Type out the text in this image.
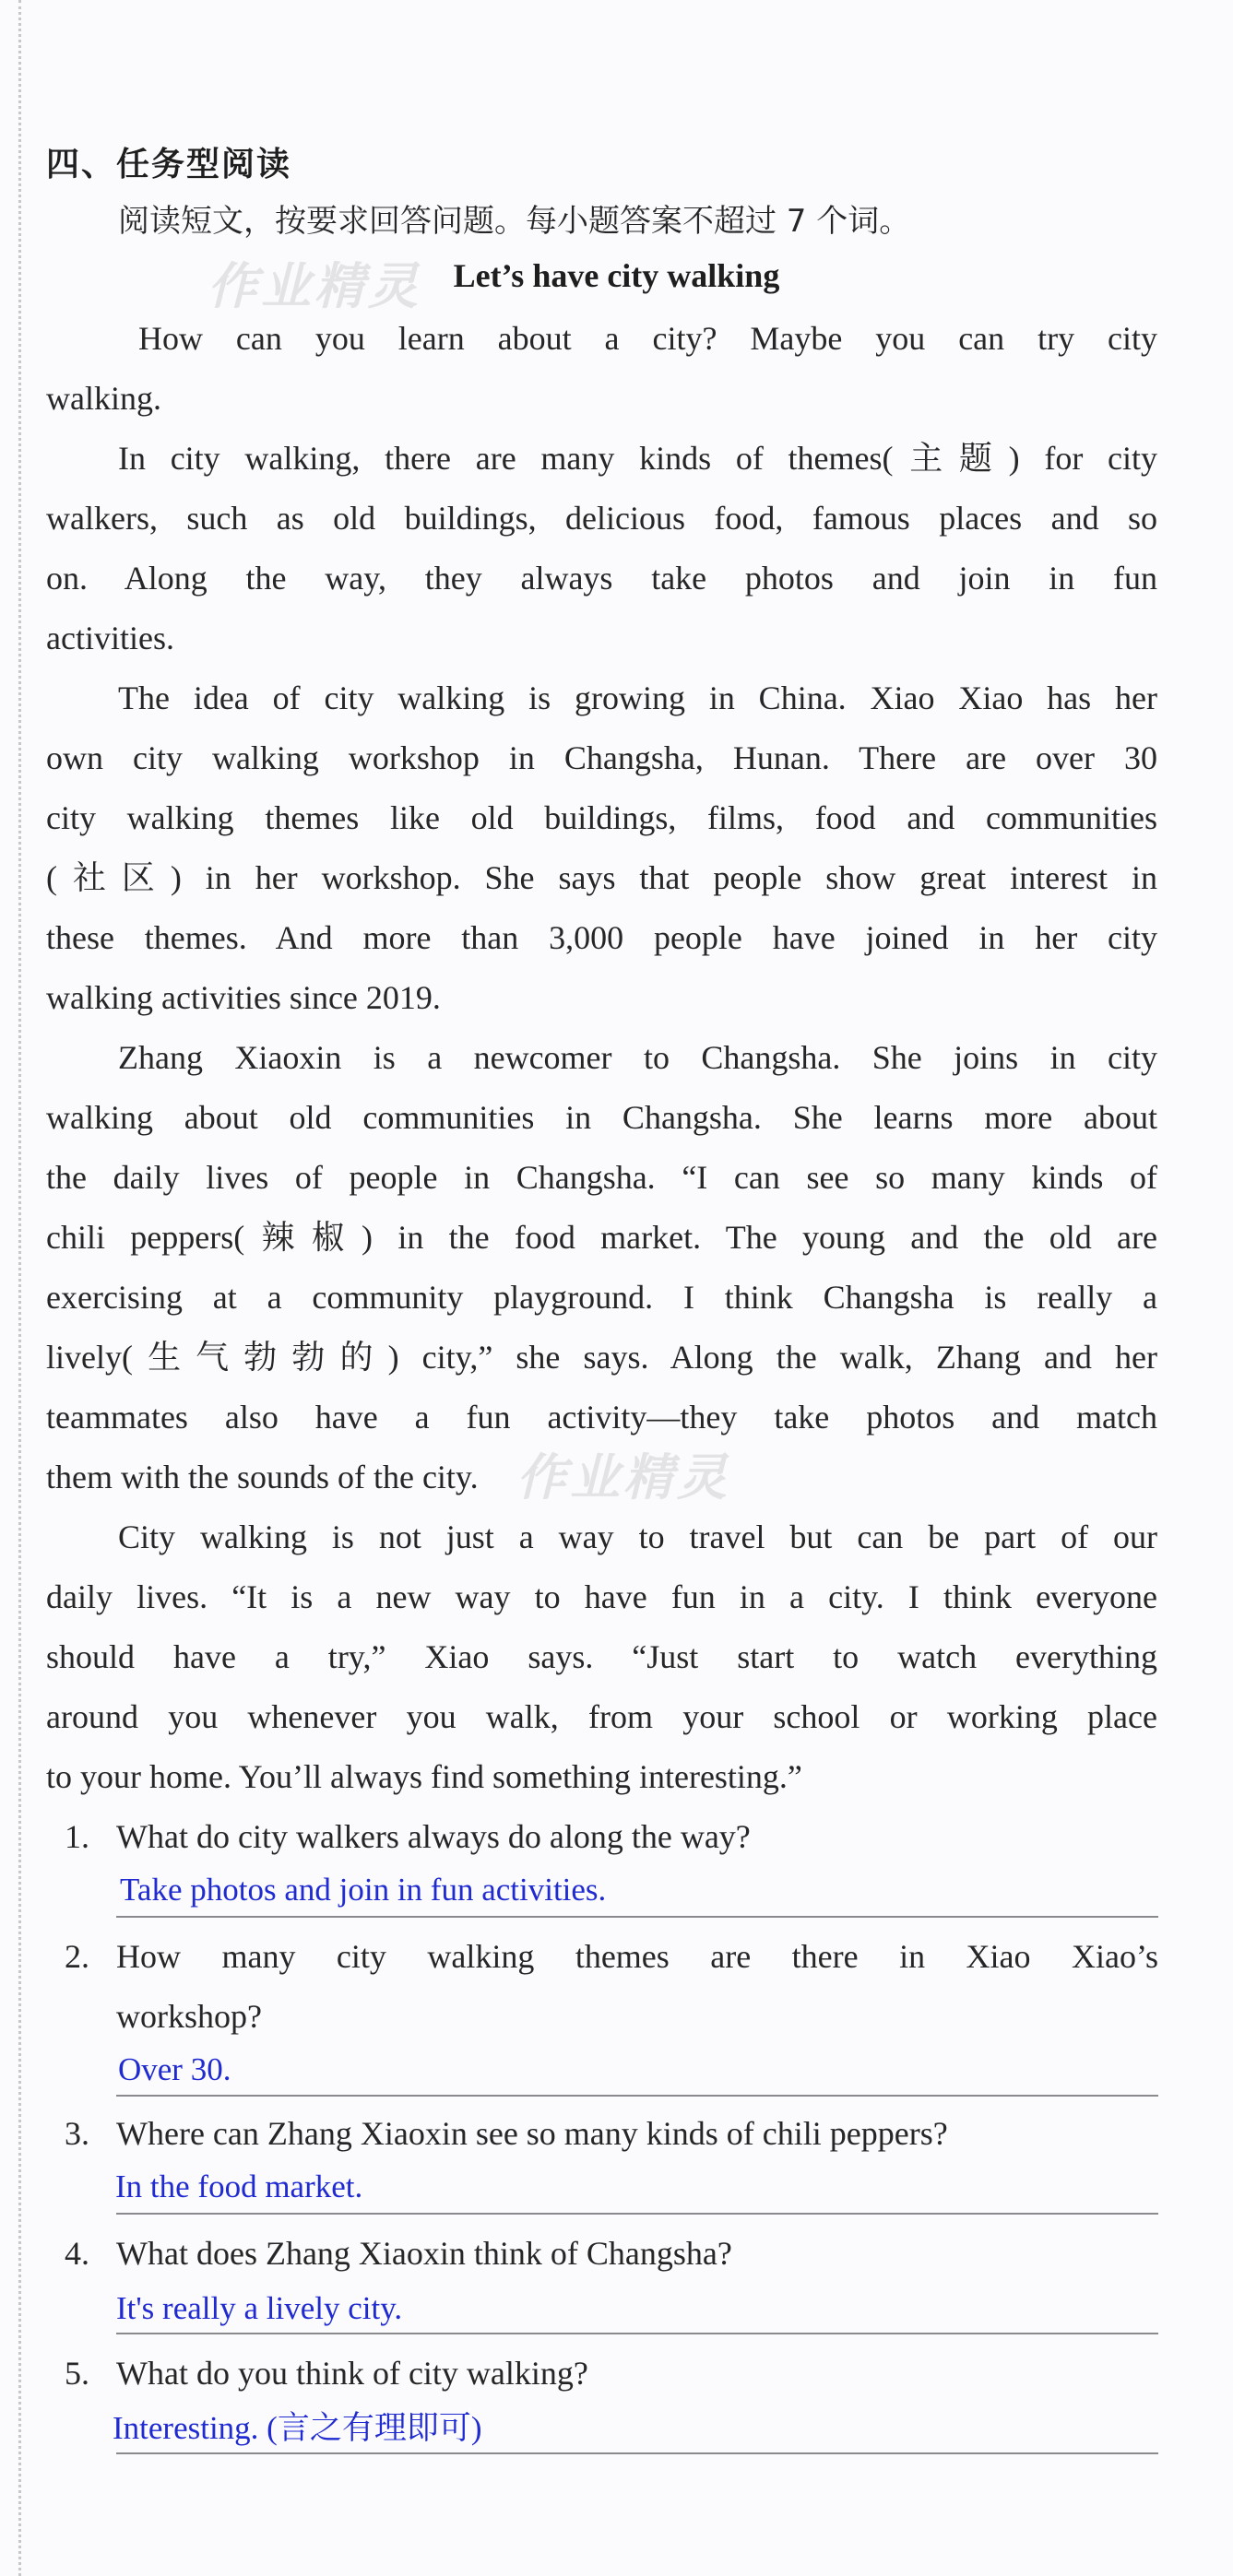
四、任务型阅读
阅读短文，按要求回答问题。每小题答案不超过 7 个词。
作业精灵 Let’s have city walking
How can you learn about a city? Maybe you can try city
walking.
In city walking, there are many kinds of themes(主题) for city
walkers, such as old buildings, delicious food, famous places and so
on. Along the way, they always take photos and join in fun
activities.
The idea of city walking is growing in China. Xiao Xiao has her
own city walking workshop in Changsha, Hunan. There are over 30
city walking themes like old buildings, films, food and communities
(社区) in her workshop. She says that people show great interest in
these themes. And more than 3,000 people have joined in her city
walking activities since 2019.
Zhang Xiaoxin is a newcomer to Changsha. She joins in city
walking about old communities in Changsha. She learns more about
the daily lives of people in Changsha. “I can see so many kinds of
chili peppers(辣椒) in the food market. The young and the old are
exercising at a community playground. I think Changsha is really a
lively(生气勃勃的) city,” she says. Along the walk, Zhang and her
teammates also have a fun activity—they take photos and match
them with the sounds of the city. 作业精灵
City walking is not just a way to travel but can be part of our
daily lives. “It is a new way to have fun in a city. I think everyone
should have a try,” Xiao says. “Just start to watch everything
around you whenever you walk, from your school or working place
to your home. You’ll always find something interesting.”
1. What do city walkers always do along the way?
Take photos and join in fun activities.
2. How many city walking themes are there in Xiao Xiao’s
workshop?
Over 30.
3. Where can Zhang Xiaoxin see so many kinds of chili peppers?
In the food market.
4. What does Zhang Xiaoxin think of Changsha?
It's really a lively city.
5. What do you think of city walking?
Interesting. (言之有理即可)
